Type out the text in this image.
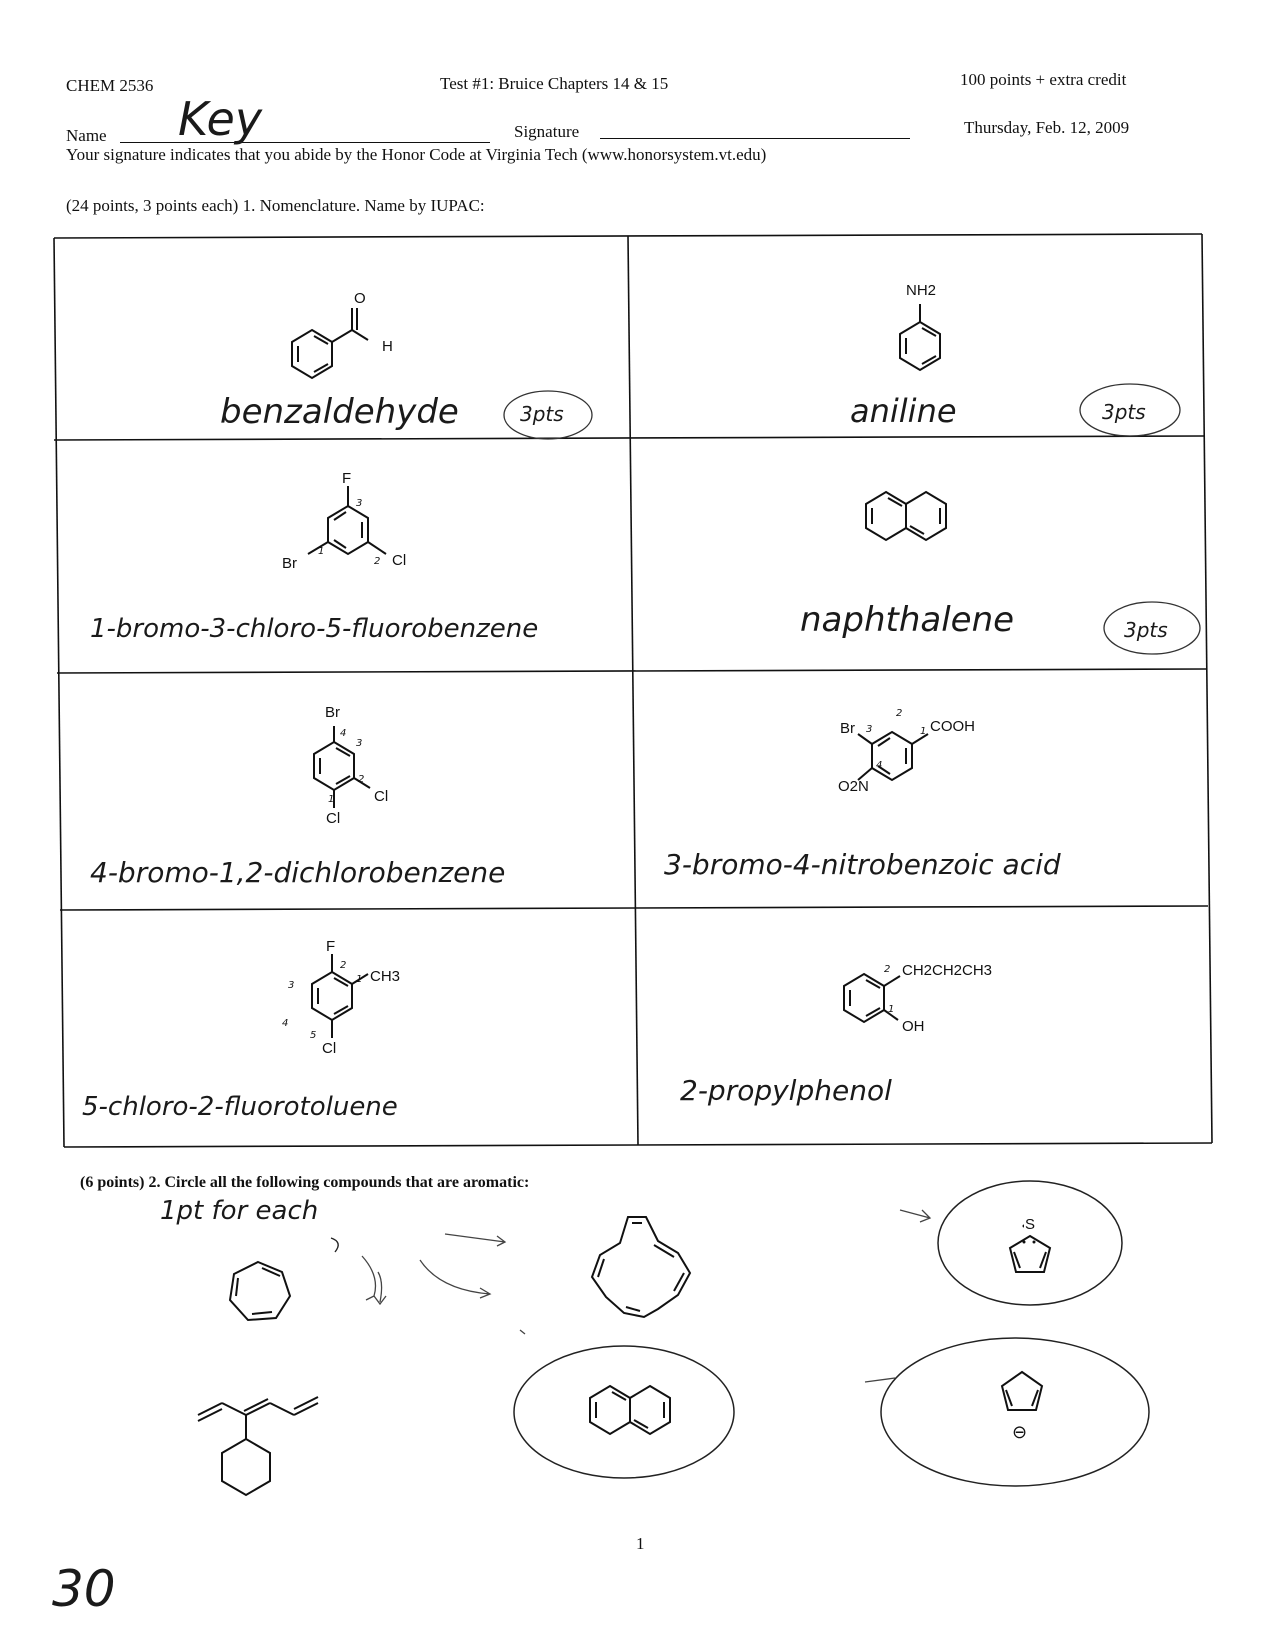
CHEM 2536	Test #1: Bruice Chapters 14 & 15	100 points + extra credit
Name Key	Signature	Thursday, Feb. 12, 2009
Your signature indicates that you abide by the Honor Code at Virginia Tech (www.honorsystem.vt.edu)
(24 points, 3 points each) 1. Nomenclature. Name by IUPAC:
O
H
benzaldehyde	3pts
NH2
aniline	3pts
F
Br	Cl
3
1
2
1-bromo-3-chloro-5-fluorobenzene	naphthalene	3pts
Br
Cl
Cl
4
3
2
1
4-bromo-1,2-dichlorobenzene
Br	COOH
O2N
3
2
1
4
3-bromo-4-nitrobenzoic acid
F
CH3
Cl
2
1
3
4
5
5-chloro-2-fluorotoluene
CH2CH2CH3
OH
2
1
2-propylphenol
(6 points) 2. Circle all the following compounds that are aromatic:
1pt for each	S
⊖
1
30
